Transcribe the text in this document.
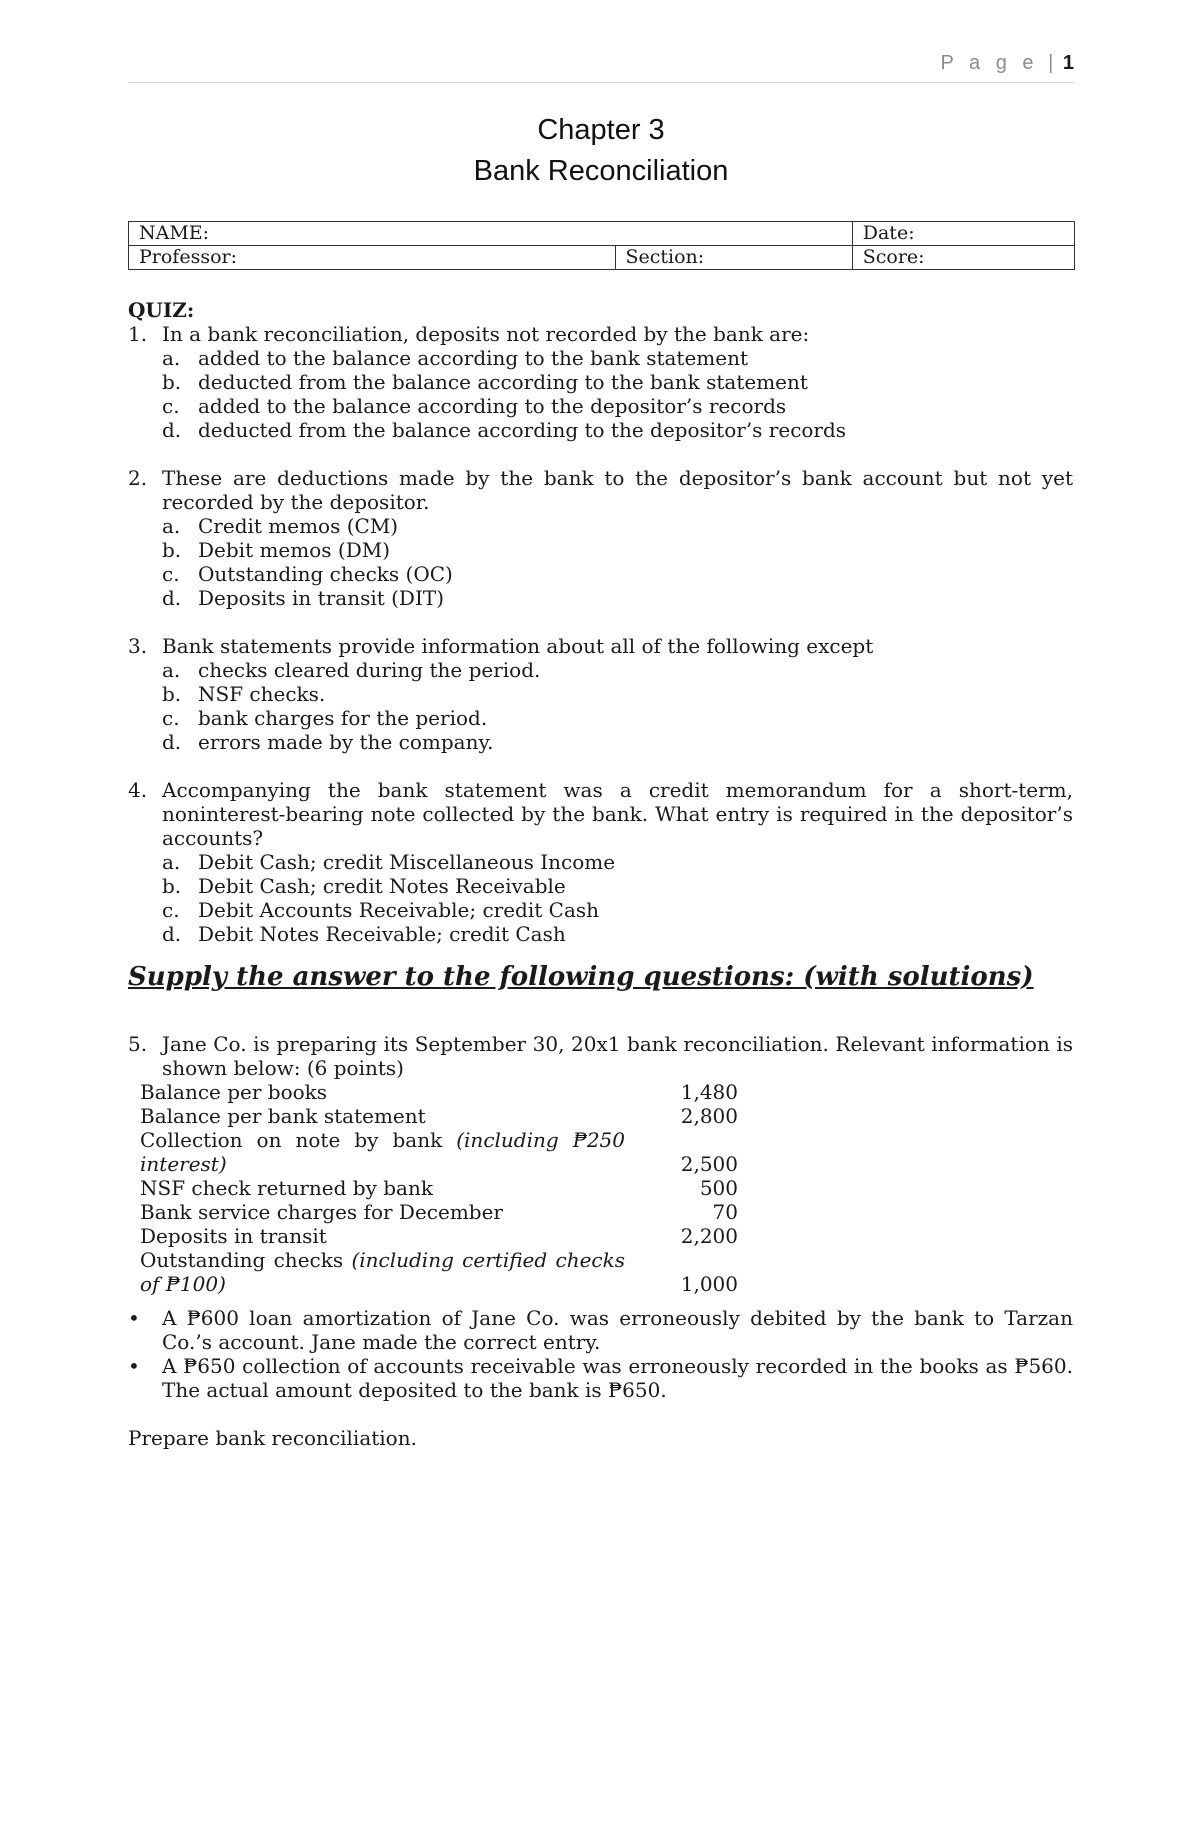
P a g e | 1
Chapter 3
Bank Reconciliation
NAME:		Date:
Professor:	Section:	Score:
QUIZ:
1. In a bank reconciliation, deposits not recorded by the bank are:
a. added to the balance according to the bank statement
b. deducted from the balance according to the bank statement
c. added to the balance according to the depositor’s records
d. deducted from the balance according to the depositor’s records
2. These are deductions made by the bank to the depositor’s bank account but not yet recorded by the depositor.
a. Credit memos (CM)
b. Debit memos (DM)
c. Outstanding checks (OC)
d. Deposits in transit (DIT)
3. Bank statements provide information about all of the following except
a. checks cleared during the period.
b. NSF checks.
c. bank charges for the period.
d. errors made by the company.
4. Accompanying the bank statement was a credit memorandum for a short-term, noninterest-bearing note collected by the bank. What entry is required in the depositor’s accounts?
a. Debit Cash; credit Miscellaneous Income
b. Debit Cash; credit Notes Receivable
c. Debit Accounts Receivable; credit Cash
d. Debit Notes Receivable; credit Cash
Supply the answer to the following questions: (with solutions)
5. Jane Co. is preparing its September 30, 20x1 bank reconciliation. Relevant information is shown below: (6 points)
Balance per books	1,480
Balance per bank statement	2,800
Collection on note by bank (including ₱250 interest)	2,500
NSF check returned by bank	500
Bank service charges for December	70
Deposits in transit	2,200
Outstanding checks (including certified checks of ₱100)	1,000
• A ₱600 loan amortization of Jane Co. was erroneously debited by the bank to Tarzan Co.’s account. Jane made the correct entry.
• A ₱650 collection of accounts receivable was erroneously recorded in the books as ₱560. The actual amount deposited to the bank is ₱650.
Prepare bank reconciliation.
